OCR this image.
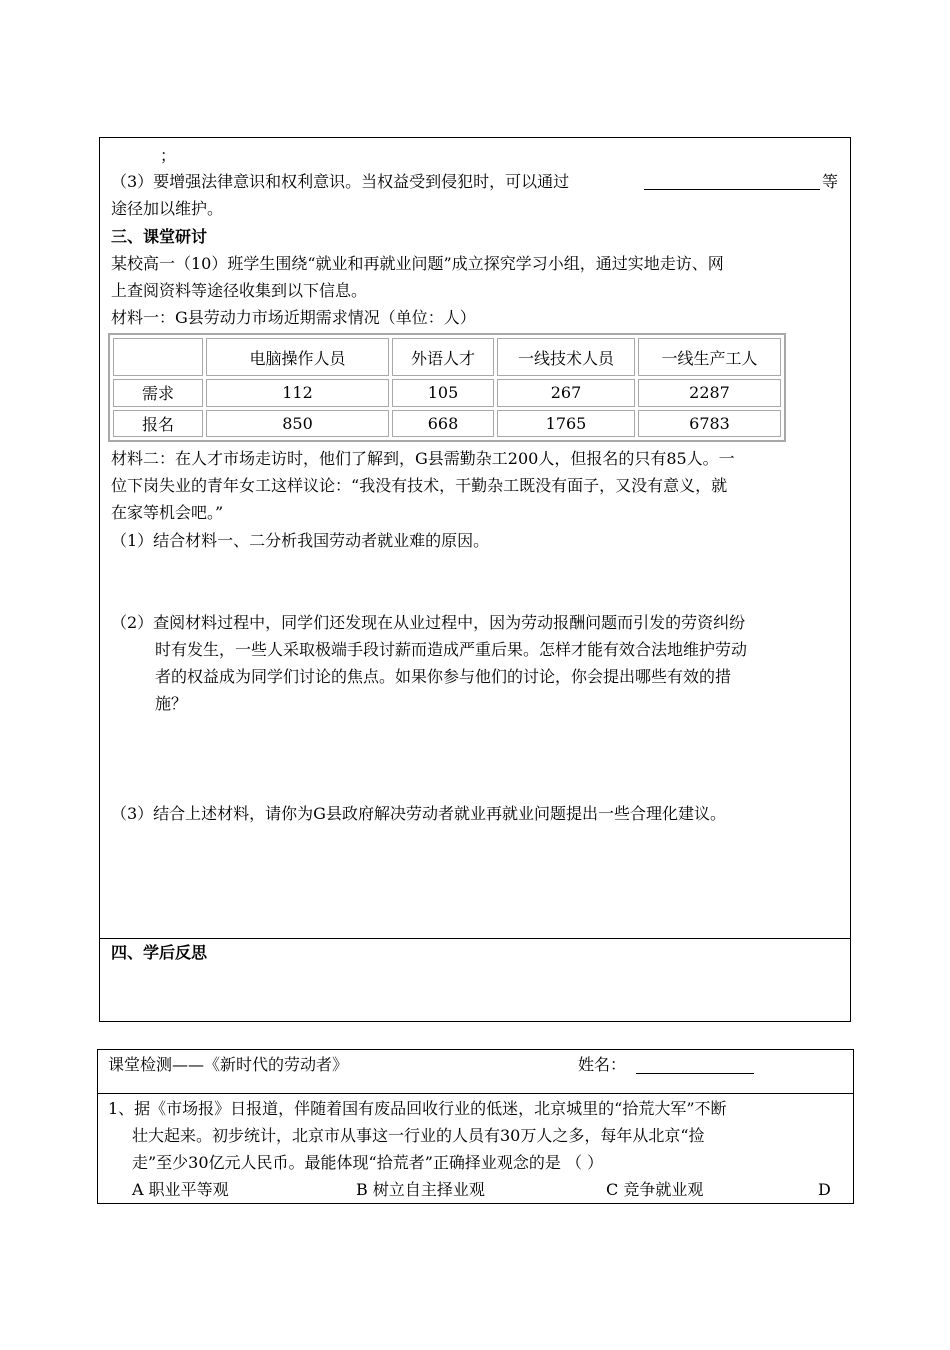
；
（3）要增强法律意识和权利意识。当权益受到侵犯时，可以通过	等
途径加以维护。
三、课堂研讨
某校高一（10）班学生围绕“就业和再就业问题”成立探究学习小组，通过实地走访、网
上查阅资料等途径收集到以下信息。
材料一：G县劳动力市场近期需求情况（单位：人）
	电脑操作人员	外语人才	一线技术人员	一线生产工人
需求	112	105	267	2287
报名	850	668	1765	6783
材料二：在人才市场走访时，他们了解到，G县需勤杂工200人，但报名的只有85人。一
位下岗失业的青年女工这样议论：“我没有技术，干勤杂工既没有面子，又没有意义，就
在家等机会吧。”
（1）结合材料一、二分析我国劳动者就业难的原因。
（2）查阅材料过程中，同学们还发现在从业过程中，因为劳动报酬问题而引发的劳资纠纷
时有发生，一些人采取极端手段讨薪而造成严重后果。怎样才能有效合法地维护劳动
者的权益成为同学们讨论的焦点。如果你参与他们的讨论，你会提出哪些有效的措
施？
（3）结合上述材料，请你为G县政府解决劳动者就业再就业问题提出一些合理化建议。
四、学后反思
课堂检测——《新时代的劳动者》	姓名：
1、据《市场报》日报道，伴随着国有废品回收行业的低迷，北京城里的“拾荒大军”不断
壮大起来。初步统计，北京市从事这一行业的人员有30万人之多，每年从北京“捡
走”至少30亿元人民币。最能体现“拾荒者”正确择业观念的是 （ ）
A 职业平等观	B 树立自主择业观	C 竞争就业观	D
